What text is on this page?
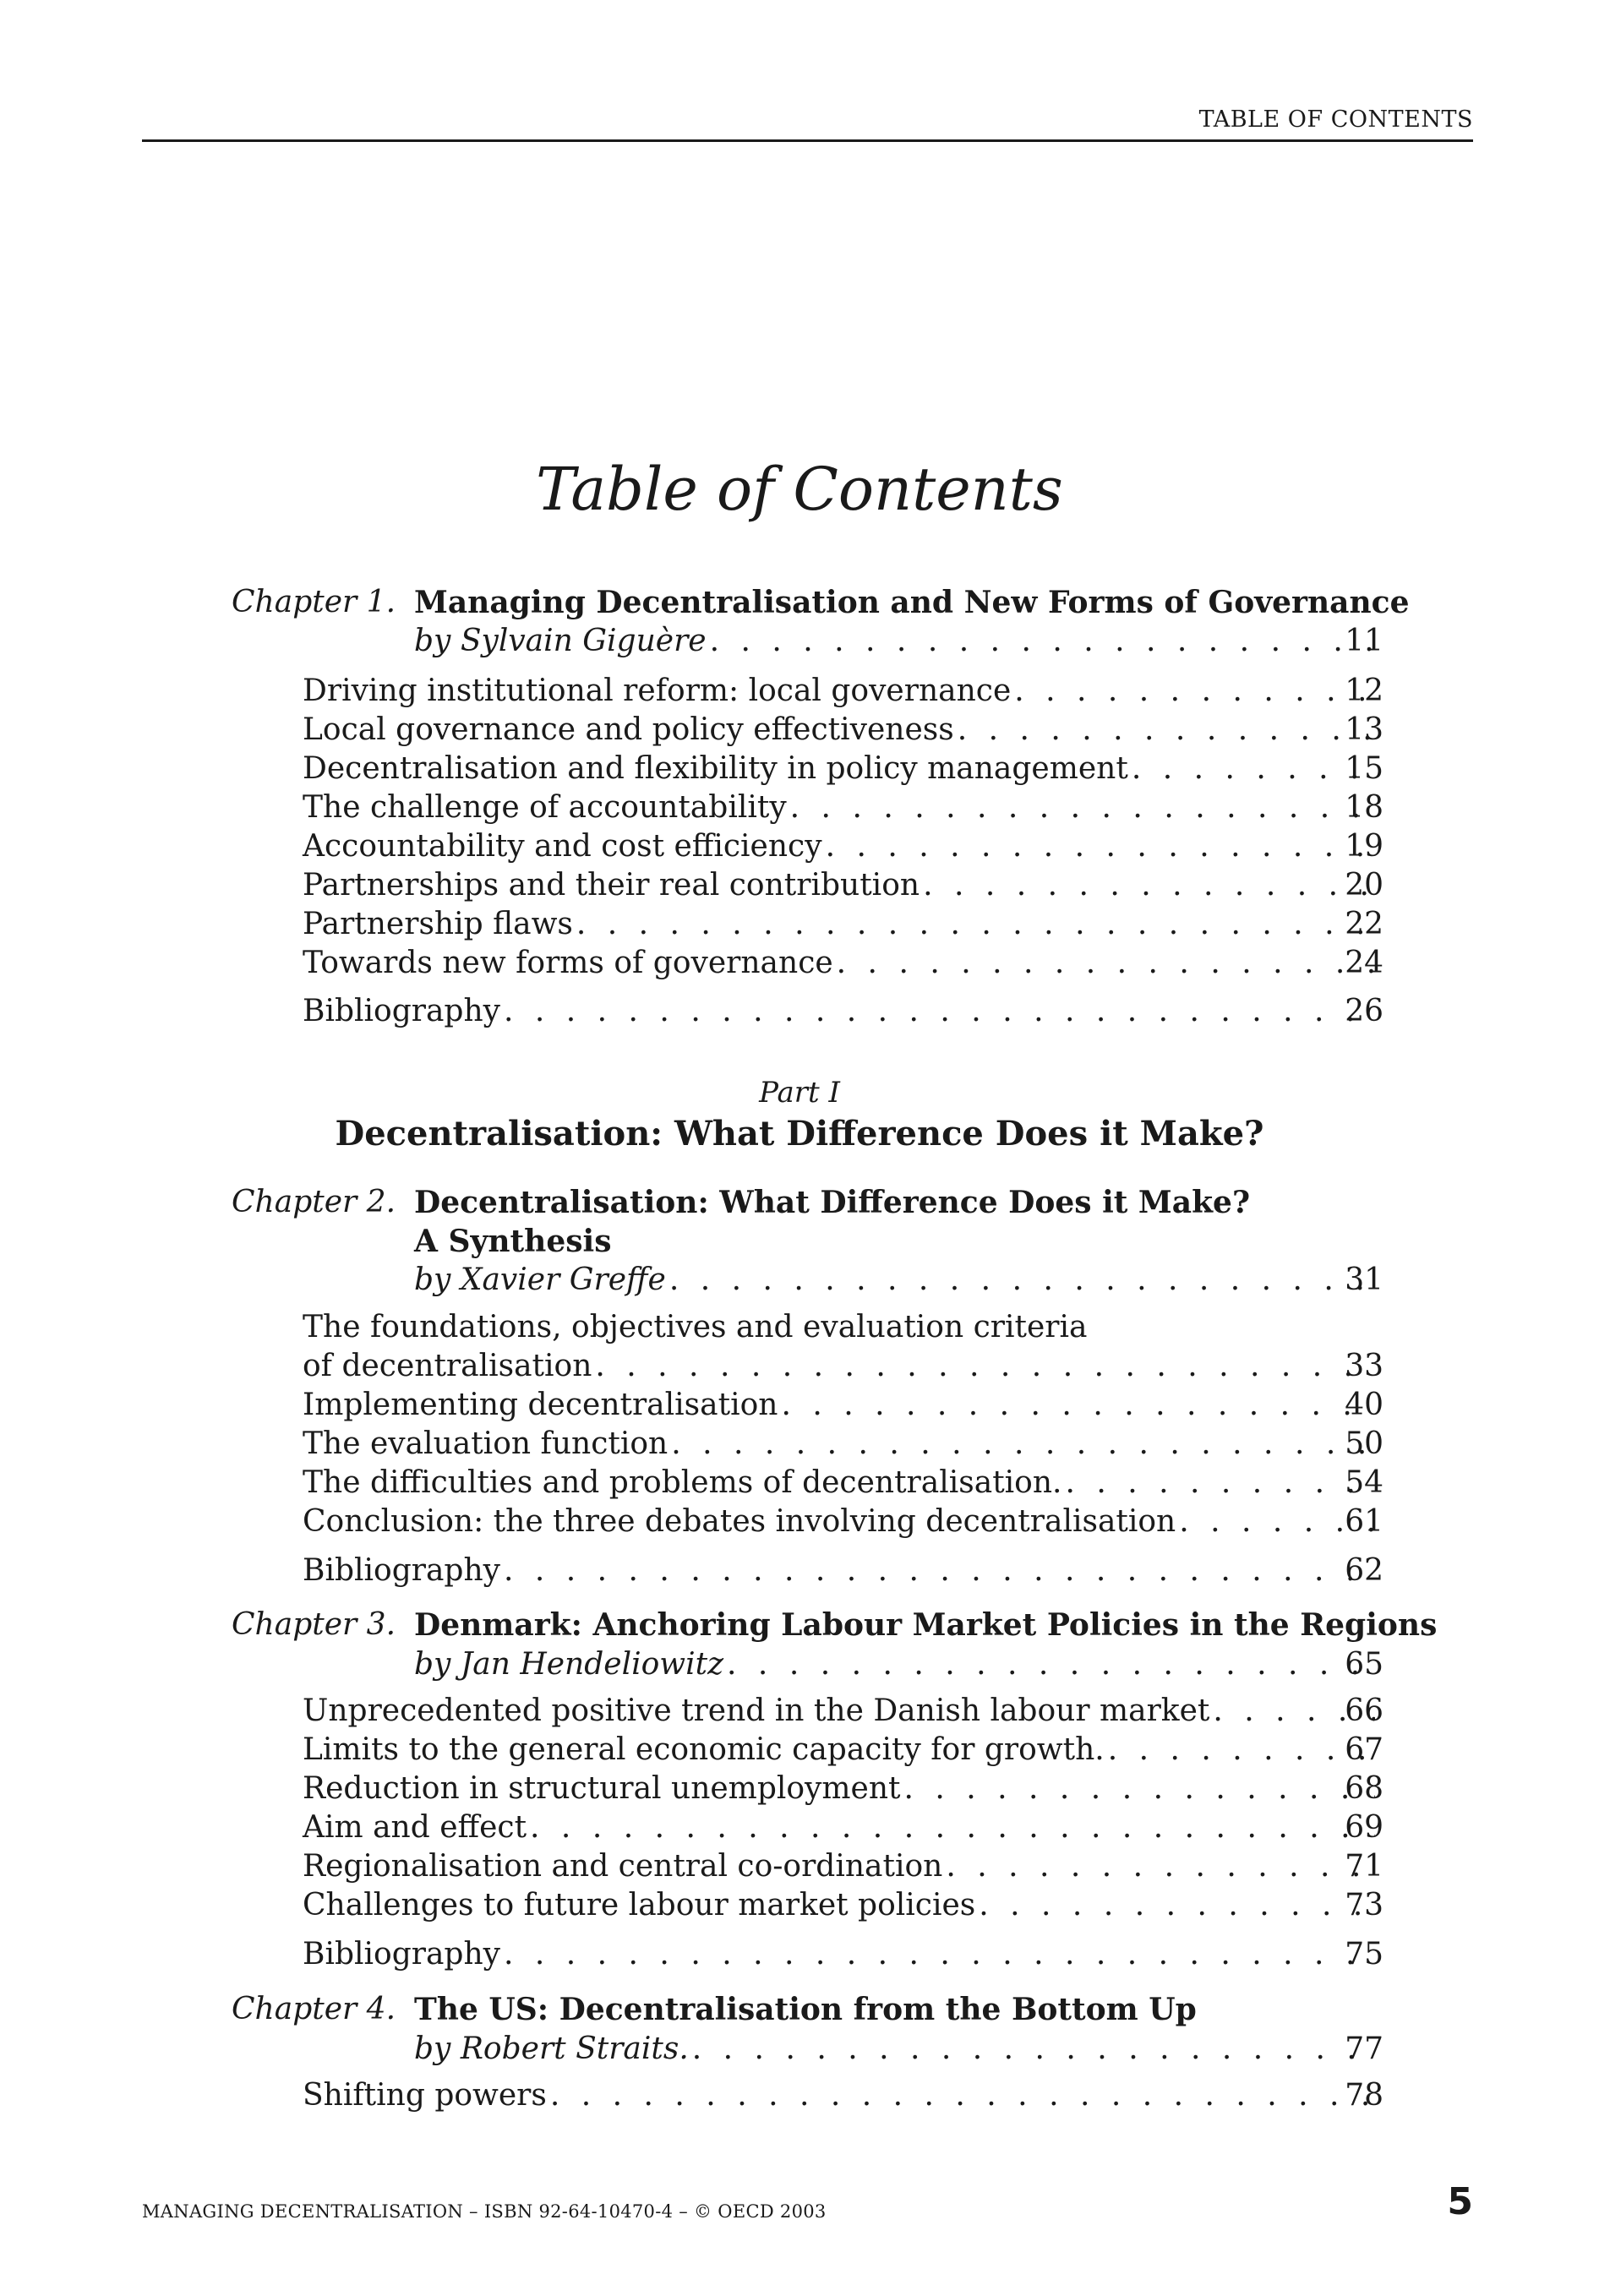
TABLE OF CONTENTS
Table of Contents
Chapter 1. Managing Decentralisation and New Forms of Governance
by Sylvain Giguère . . .	11
Driving institutional reform: local governance . . .	12
Local governance and policy effectiveness . . .	13
Decentralisation and flexibility in policy management . . .	15
The challenge of accountability . . .	18
Accountability and cost efficiency . . .	19
Partnerships and their real contribution . . .	20
Partnership flaws . . .	22
Towards new forms of governance . . .	24
Bibliography . . .	26
Part I
Decentralisation: What Difference Does it Make?
Chapter 2. Decentralisation: What Difference Does it Make?
A Synthesis
by Xavier Greffe . . .	31
The foundations, objectives and evaluation criteria
of decentralisation . . .	33
Implementing decentralisation . . .	40
The evaluation function . . .	50
The difficulties and problems of decentralisation. . . .	54
Conclusion: the three debates involving decentralisation . . .	61
Bibliography . . .	62
Chapter 3. Denmark: Anchoring Labour Market Policies in the Regions
by Jan Hendeliowitz . . .	65
Unprecedented positive trend in the Danish labour market . . .	66
Limits to the general economic capacity for growth. . . .	67
Reduction in structural unemployment . . .	68
Aim and effect . . .	69
Regionalisation and central co-ordination . . .	71
Challenges to future labour market policies . . .	73
Bibliography . . .	75
Chapter 4. The US: Decentralisation from the Bottom Up
by Robert Straits. . . .	77
Shifting powers . . .	78
MANAGING DECENTRALISATION – ISBN 92-64-10470-4 – © OECD 2003	5
